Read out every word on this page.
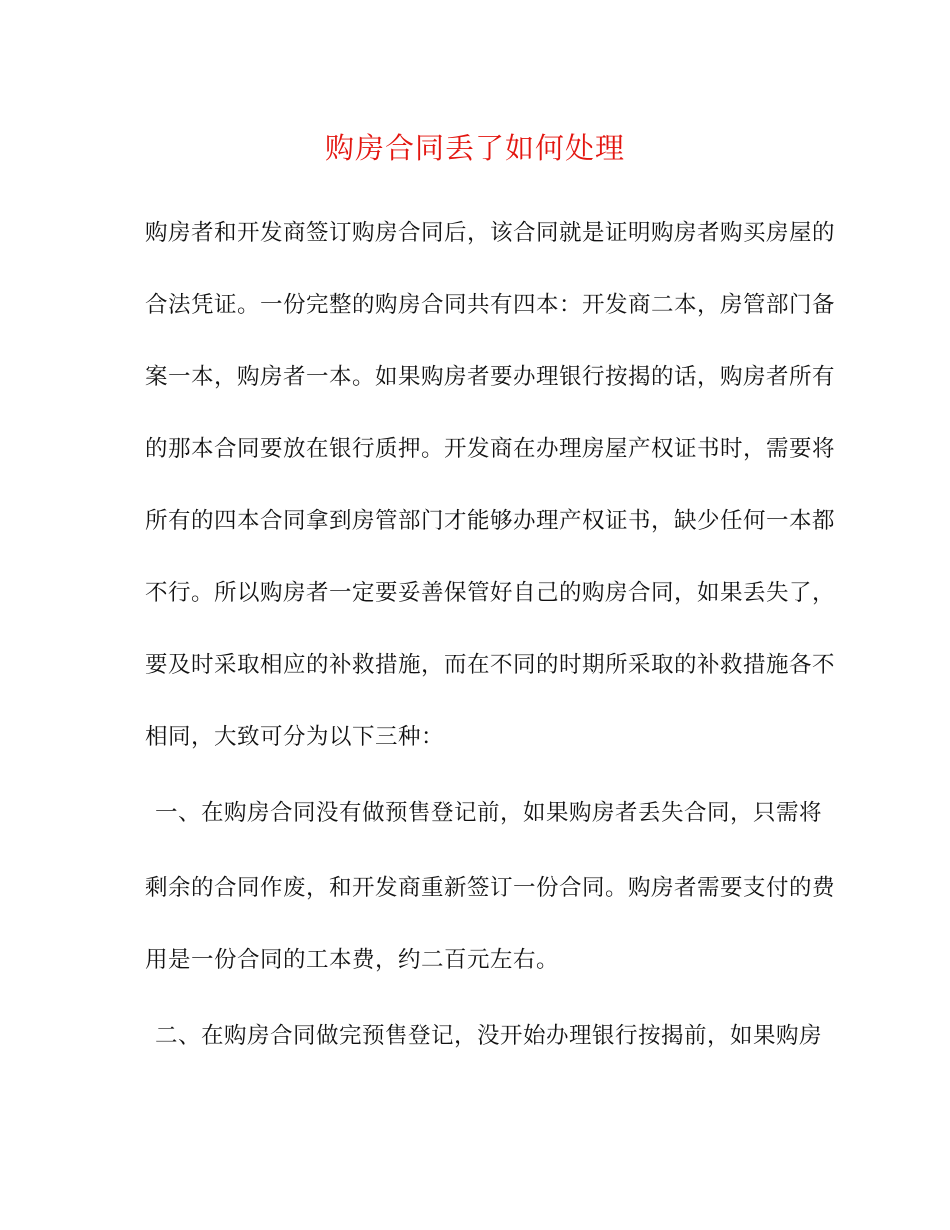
购房合同丢了如何处理
购房者和开发商签订购房合同后，该合同就是证明购房者购买房屋的
合法凭证。一份完整的购房合同共有四本：开发商二本，房管部门备
案一本，购房者一本。如果购房者要办理银行按揭的话，购房者所有
的那本合同要放在银行质押。开发商在办理房屋产权证书时，需要将
所有的四本合同拿到房管部门才能够办理产权证书，缺少任何一本都
不行。所以购房者一定要妥善保管好自己的购房合同，如果丢失了，
要及时采取相应的补救措施，而在不同的时期所采取的补救措施各不
相同，大致可分为以下三种：
一、在购房合同没有做预售登记前，如果购房者丢失合同，只需将
剩余的合同作废，和开发商重新签订一份合同。购房者需要支付的费
用是一份合同的工本费，约二百元左右。
二、在购房合同做完预售登记，没开始办理银行按揭前，如果购房
